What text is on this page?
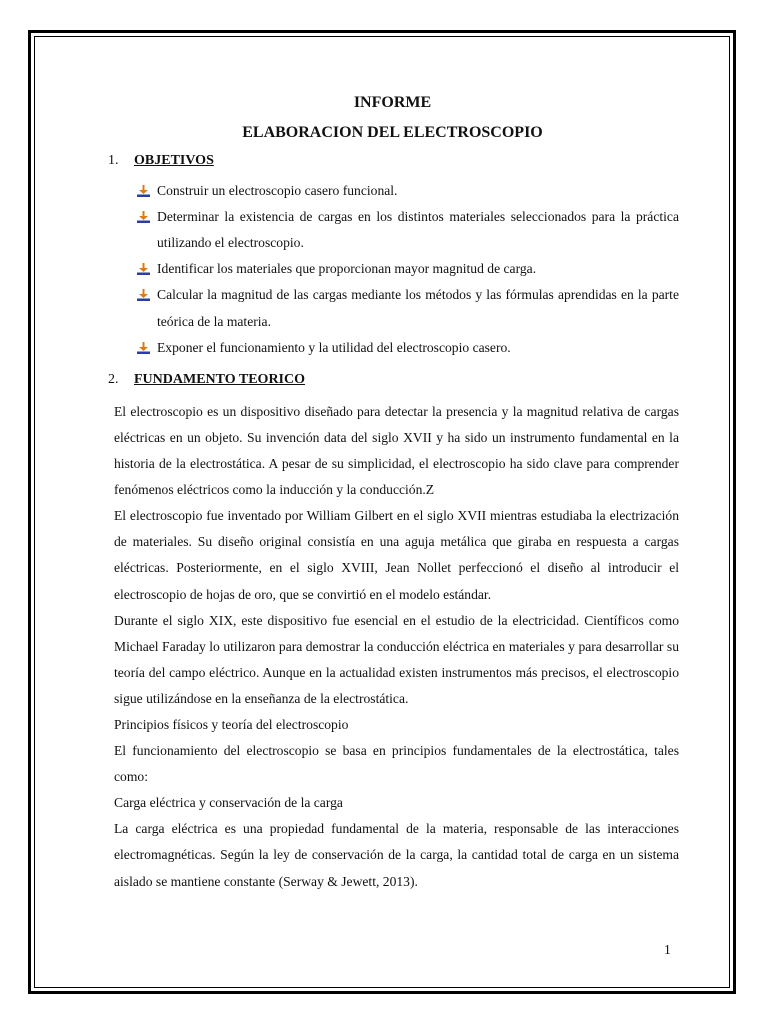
INFORME
ELABORACION DEL ELECTROSCOPIO
1.	OBJETIVOS
Construir un electroscopio casero funcional.
Determinar la existencia de cargas en los distintos materiales seleccionados para la práctica utilizando el electroscopio.
Identificar los materiales que proporcionan mayor magnitud de carga.
Calcular la magnitud de las cargas mediante los métodos y las fórmulas aprendidas en la parte teórica de la materia.
Exponer el funcionamiento y la utilidad del electroscopio casero.
2.	FUNDAMENTO TEORICO

El electroscopio es un dispositivo diseñado para detectar la presencia y la magnitud relativa de cargas eléctricas en un objeto. Su invención data del siglo XVII y ha sido un instrumento fundamental en la historia de la electrostática. A pesar de su simplicidad, el electroscopio ha sido clave para comprender fenómenos eléctricos como la inducción y la conducción.Z

El electroscopio fue inventado por William Gilbert en el siglo XVII mientras estudiaba la electrización de materiales. Su diseño original consistía en una aguja metálica que giraba en respuesta a cargas eléctricas. Posteriormente, en el siglo XVIII, Jean Nollet perfeccionó el diseño al introducir el electroscopio de hojas de oro, que se convirtió en el modelo estándar.

Durante el siglo XIX, este dispositivo fue esencial en el estudio de la electricidad. Científicos como Michael Faraday lo utilizaron para demostrar la conducción eléctrica en materiales y para desarrollar su teoría del campo eléctrico. Aunque en la actualidad existen instrumentos más precisos, el electroscopio sigue utilizándose en la enseñanza de la electrostática.

Principios físicos y teoría del electroscopio

El funcionamiento del electroscopio se basa en principios fundamentales de la electrostática, tales como:

Carga eléctrica y conservación de la carga

La carga eléctrica es una propiedad fundamental de la materia, responsable de las interacciones electromagnéticas. Según la ley de conservación de la carga, la cantidad total de carga en un sistema aislado se mantiene constante (Serway & Jewett, 2013).

1
